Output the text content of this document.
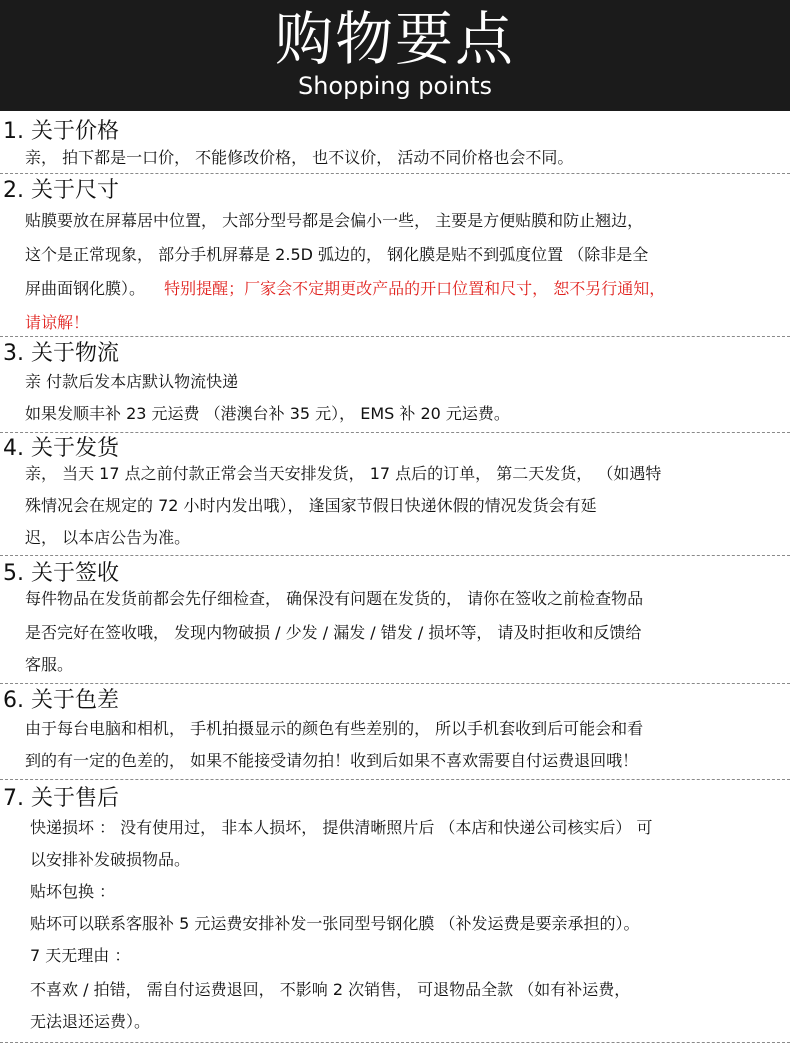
购物要点
Shopping points
1. 关于价格
亲， 拍下都是一口价， 不能修改价格， 也不议价， 活动不同价格也会不同。
2. 关于尺寸
贴膜要放在屏幕居中位置， 大部分型号都是会偏小一些， 主要是方便贴膜和防止翘边，
这个是正常现象， 部分手机屏幕是 2.5D 弧边的， 钢化膜是贴不到弧度位置 （除非是全
屏曲面钢化膜）。 特别提醒；厂家会不定期更改产品的开口位置和尺寸， 恕不另行通知，
请谅解！
3. 关于物流
亲 付款后发本店默认物流快递
如果发顺丰补 23 元运费 （港澳台补 35 元）， EMS 补 20 元运费。
4. 关于发货
亲， 当天 17 点之前付款正常会当天安排发货， 17 点后的订单， 第二天发货， （如遇特
殊情况会在规定的 72 小时内发出哦）， 逢国家节假日快递休假的情况发货会有延
迟， 以本店公告为准。
5. 关于签收
每件物品在发货前都会先仔细检查， 确保没有问题在发货的， 请你在签收之前检查物品
是否完好在签收哦， 发现内物破损 / 少发 / 漏发 / 错发 / 损坏等， 请及时拒收和反馈给
客服。
6. 关于色差
由于每台电脑和相机， 手机拍摄显示的颜色有些差别的， 所以手机套收到后可能会和看
到的有一定的色差的， 如果不能接受请勿拍！收到后如果不喜欢需要自付运费退回哦！
7. 关于售后
快递损坏 ： 没有使用过， 非本人损坏， 提供清晰照片后 （本店和快递公司核实后） 可
以安排补发破损物品。
贴坏包换 ：
贴坏可以联系客服补 5 元运费安排补发一张同型号钢化膜 （补发运费是要亲承担的）。
7 天无理由 ：
不喜欢 / 拍错， 需自付运费退回， 不影响 2 次销售， 可退物品全款 （如有补运费，
无法退还运费）。
